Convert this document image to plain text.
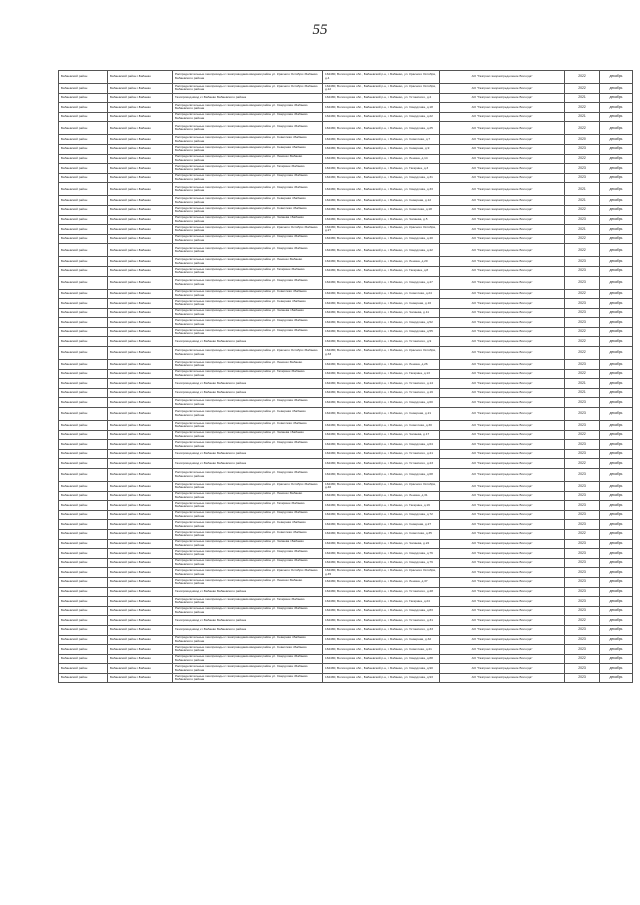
55
Бабаевский район	Бабаевский район г.Бабаево	Распределительные газопроводы с газопроводами-вводами район ул. Красного Октября г.Бабаево Бабаевского района	162480, Вологодская обл., Бабаевский р-н, г. Бабаево, ул. Красного Октября, д.4	АО "Газпром газораспределение Вологда"	2022	декабрь
Бабаевский район	Бабаевский район г.Бабаево	Распределительные газопроводы с газопроводами-вводами район ул. Красного Октября г.Бабаево Бабаевского района	162480, Вологодская обл., Бабаевский р-н, г. Бабаево, ул. Красного Октября, д.12	АО "Газпром газораспределение Вологда"	2022	декабрь
Бабаевский район	Бабаевский район г.Бабаево	Газопровод-ввод к г.Бабаево Бабаевского района	162480, Вологодская обл., Бабаевский р-н, г. Бабаево, ул. Ухтомского, д.2	АО "Газпром газораспределение Вологда"	2021	декабрь
Бабаевский район	Бабаевский район г.Бабаево	Распределительные газопроводы с газопроводами-вводами район ул. Свердлова г.Бабаево Бабаевского района	162480, Вологодская обл., Бабаевский р-н, г. Бабаево, ул. Свердлова, д.18	АО "Газпром газораспределение Вологда"	2022	декабрь
Бабаевский район	Бабаевский район г.Бабаево	Распределительные газопроводы с газопроводами-вводами район ул. Свердлова г.Бабаево Бабаевского района	162480, Вологодская обл., Бабаевский р-н, г. Бабаево, ул. Свердлова, д.22	АО "Газпром газораспределение Вологда"	2021	декабрь
Бабаевский район	Бабаевский район г.Бабаево	Распределительные газопроводы с газопроводами-вводами район ул. Свердлова г.Бабаево Бабаевского района	162480, Вологодская обл., Бабаевский р-н, г. Бабаево, ул. Свердлова, д.25	АО "Газпром газораспределение Вологда"	2022	декабрь
Бабаевский район	Бабаевский район г.Бабаево	Распределительные газопроводы с газопроводами-вводами район ул. Советская г.Бабаево Бабаевского района	162480, Вологодская обл., Бабаевский р-н, г. Бабаево, ул. Советская, д.7	АО "Газпром газораспределение Вологда"	2020	декабрь
Бабаевский район	Бабаевский район г.Бабаево	Распределительные газопроводы с газопроводами-вводами район ул. Северная г.Бабаево Бабаевского района	162480, Вологодская обл., Бабаевский р-н, г. Бабаево, ул. Северная, д.9	АО "Газпром газораспределение Вологда"	2023	декабрь
Бабаевский район	Бабаевский район г.Бабаево	Распределительные газопроводы с газопроводами-вводами район ул. Ленина г.Бабаево Бабаевского района	162480, Вологодская обл., Бабаевский р-н, г. Бабаево, ул. Ленина, д.14	АО "Газпром газораспределение Вологда"	2022	декабрь
Бабаевский район	Бабаевский район г.Бабаево	Распределительные газопроводы с газопроводами-вводами район ул. Гагарина г.Бабаево Бабаевского района	162480, Вологодская обл., Бабаевский р-н, г. Бабаево, ул. Гагарина, д.3	АО "Газпром газораспределение Вологда"	2023	декабрь
Бабаевский район	Бабаевский район г.Бабаево	Распределительные газопроводы с газопроводами-вводами район ул. Свердлова г.Бабаево Бабаевского района	162480, Вологодская обл., Бабаевский р-н, г. Бабаево, ул. Свердлова, д.31	АО "Газпром газораспределение Вологда"	2023	декабрь
Бабаевский район	Бабаевский район г.Бабаево	Распределительные газопроводы с газопроводами-вводами район ул. Свердлова г.Бабаево Бабаевского района	162480, Вологодская обл., Бабаевский р-н, г. Бабаево, ул. Свердлова, д.33	АО "Газпром газораспределение Вологда"	2021	декабрь
Бабаевский район	Бабаевский район г.Бабаево	Распределительные газопроводы с газопроводами-вводами район ул. Северная г.Бабаево Бабаевского района	162480, Вологодская обл., Бабаевский р-н, г. Бабаево, ул. Северная, д.12	АО "Газпром газораспределение Вологда"	2021	декабрь
Бабаевский район	Бабаевский район г.Бабаево	Распределительные газопроводы с газопроводами-вводами район ул. Советская г.Бабаево Бабаевского района	162480, Вологодская обл., Бабаевский р-н, г. Бабаево, ул. Советская, д.18	АО "Газпром газораспределение Вологда"	2022	декабрь
Бабаевский район	Бабаевский район г.Бабаево	Распределительные газопроводы с газопроводами-вводами район ул. Чапаева г.Бабаево Бабаевского района	162480, Вологодская обл., Бабаевский р-н, г. Бабаево, ул. Чапаева, д.5	АО "Газпром газораспределение Вологда"	2023	декабрь
Бабаевский район	Бабаевский район г.Бабаево	Распределительные газопроводы с газопроводами-вводами район ул. Красного Октября г.Бабаево Бабаевского района	162480, Вологодская обл., Бабаевский р-н, г. Бабаево, ул. Красного Октября, д.27	АО "Газпром газораспределение Вологда"	2021	декабрь
Бабаевский район	Бабаевский район г.Бабаево	Распределительные газопроводы с газопроводами-вводами район ул. Свердлова г.Бабаево Бабаевского района	162480, Вологодская обл., Бабаевский р-н, г. Бабаево, ул. Свердлова, д.40	АО "Газпром газораспределение Вологда"	2022	декабрь
Бабаевский район	Бабаевский район г.Бабаево	Распределительные газопроводы с газопроводами-вводами район ул. Свердлова г.Бабаево Бабаевского района	162480, Вологодская обл., Бабаевский р-н, г. Бабаево, ул. Свердлова, д.42	АО "Газпром газораспределение Вологда"	2022	декабрь
Бабаевский район	Бабаевский район г.Бабаево	Распределительные газопроводы с газопроводами-вводами район ул. Ленина г.Бабаево Бабаевского района	162480, Вологодская обл., Бабаевский р-н, г. Бабаево, ул. Ленина, д.20	АО "Газпром газораспределение Вологда"	2023	декабрь
Бабаевский район	Бабаевский район г.Бабаево	Распределительные газопроводы с газопроводами-вводами район ул. Гагарина г.Бабаево Бабаевского района	162480, Вологодская обл., Бабаевский р-н, г. Бабаево, ул. Гагарина, д.8	АО "Газпром газораспределение Вологда"	2023	декабрь
Бабаевский район	Бабаевский район г.Бабаево	Распределительные газопроводы с газопроводами-вводами район ул. Свердлова г.Бабаево Бабаевского района	162480, Вологодская обл., Бабаевский р-н, г. Бабаево, ул. Свердлова, д.47	АО "Газпром газораспределение Вологда"	2023	декабрь
Бабаевский район	Бабаевский район г.Бабаево	Распределительные газопроводы с газопроводами-вводами район ул. Советская г.Бабаево Бабаевского района	162480, Вологодская обл., Бабаевский р-н, г. Бабаево, ул. Советская, д.24	АО "Газпром газораспределение Вологда"	2022	декабрь
Бабаевский район	Бабаевский район г.Бабаево	Распределительные газопроводы с газопроводами-вводами район ул. Северная г.Бабаево Бабаевского района	162480, Вологодская обл., Бабаевский р-н, г. Бабаево, ул. Северная, д.16	АО "Газпром газораспределение Вологда"	2023	декабрь
Бабаевский район	Бабаевский район г.Бабаево	Распределительные газопроводы с газопроводами-вводами район ул. Чапаева г.Бабаево Бабаевского района	162480, Вологодская обл., Бабаевский р-н, г. Бабаево, ул. Чапаева, д.11	АО "Газпром газораспределение Вологда"	2023	декабрь
Бабаевский район	Бабаевский район г.Бабаево	Распределительные газопроводы с газопроводами-вводами район ул. Свердлова г.Бабаево Бабаевского района	162480, Вологодская обл., Бабаевский р-н, г. Бабаево, ул. Свердлова, д.52	АО "Газпром газораспределение Вологда"	2023	декабрь
Бабаевский район	Бабаевский район г.Бабаево	Распределительные газопроводы с газопроводами-вводами район ул. Свердлова г.Бабаево Бабаевского района	162480, Вологодская обл., Бабаевский р-н, г. Бабаево, ул. Свердлова, д.55	АО "Газпром газораспределение Вологда"	2022	декабрь
Бабаевский район	Бабаевский район г.Бабаево	Газопровод-ввод к г.Бабаево Бабаевского района	162480, Вологодская обл., Бабаевский р-н, г. Бабаево, ул. Ухтомского, д.9	АО "Газпром газораспределение Вологда"	2022	декабрь
Бабаевский район	Бабаевский район г.Бабаево	Распределительные газопроводы с газопроводами-вводами район ул. Красного Октября г.Бабаево Бабаевского района	162480, Вологодская обл., Бабаевский р-н, г. Бабаево, ул. Красного Октября, д.33	АО "Газпром газораспределение Вологда"	2022	декабрь
Бабаевский район	Бабаевский район г.Бабаево	Распределительные газопроводы с газопроводами-вводами район ул. Ленина г.Бабаево Бабаевского района	162480, Вологодская обл., Бабаевский р-н, г. Бабаево, ул. Ленина, д.26	АО "Газпром газораспределение Вологда"	2023	декабрь
Бабаевский район	Бабаевский район г.Бабаево	Распределительные газопроводы с газопроводами-вводами район ул. Гагарина г.Бабаево Бабаевского района	162480, Вологодская обл., Бабаевский р-н, г. Бабаево, ул. Гагарина, д.13	АО "Газпром газораспределение Вологда"	2022	декабрь
Бабаевский район	Бабаевский район г.Бабаево	Газопровод-ввод к г.Бабаево Бабаевского района	162480, Вологодская обл., Бабаевский р-н, г. Бабаево, ул. Ухтомского, д.14	АО "Газпром газораспределение Вологда"	2021	декабрь
Бабаевский район	Бабаевский район г.Бабаево	Газопровод-ввод к г.Бабаево Бабаевского района	162480, Вологодская обл., Бабаевский р-н, г. Бабаево, ул. Ухтомского, д.16	АО "Газпром газораспределение Вологда"	2021	декабрь
Бабаевский район	Бабаевский район г.Бабаево	Распределительные газопроводы с газопроводами-вводами район ул. Свердлова г.Бабаево Бабаевского района	162480, Вологодская обл., Бабаевский р-н, г. Бабаево, ул. Свердлова, д.60	АО "Газпром газораспределение Вологда"	2023	декабрь
Бабаевский район	Бабаевский район г.Бабаево	Распределительные газопроводы с газопроводами-вводами район ул. Северная г.Бабаево Бабаевского района	162480, Вологодская обл., Бабаевский р-н, г. Бабаево, ул. Северная, д.21	АО "Газпром газораспределение Вологда"	2023	декабрь
Бабаевский район	Бабаевский район г.Бабаево	Распределительные газопроводы с газопроводами-вводами район ул. Советская г.Бабаево Бабаевского района	162480, Вологодская обл., Бабаевский р-н, г. Бабаево, ул. Советская, д.30	АО "Газпром газораспределение Вологда"	2023	декабрь
Бабаевский район	Бабаевский район г.Бабаево	Распределительные газопроводы с газопроводами-вводами район ул. Чапаева г.Бабаево Бабаевского района	162480, Вологодская обл., Бабаевский р-н, г. Бабаево, ул. Чапаева, д.17	АО "Газпром газораспределение Вологда"	2022	декабрь
Бабаевский район	Бабаевский район г.Бабаево	Распределительные газопроводы с газопроводами-вводами район ул. Свердлова г.Бабаево Бабаевского района	162480, Вологодская обл., Бабаевский р-н, г. Бабаево, ул. Свердлова, д.64	АО "Газпром газораспределение Вологда"	2023	декабрь
Бабаевский район	Бабаевский район г.Бабаево	Газопровод-ввод к г.Бабаево Бабаевского района	162480, Вологодская обл., Бабаевский р-н, г. Бабаево, ул. Ухтомского, д.21	АО "Газпром газораспределение Вологда"	2023	декабрь
Бабаевский район	Бабаевский район г.Бабаево	Газопровод-ввод к г.Бабаево Бабаевского района	162480, Вологодская обл., Бабаевский р-н, г. Бабаево, ул. Ухтомского, д.23	АО "Газпром газораспределение Вологда"	2022	декабрь
Бабаевский район	Бабаевский район г.Бабаево	Распределительные газопроводы с газопроводами-вводами район ул. Свердлова г.Бабаево Бабаевского района	162480, Вологодская обл., Бабаевский р-н, г. Бабаево, ул. Свердлова, д.68	АО "Газпром газораспределение Вологда"	2023	декабрь
Бабаевский район	Бабаевский район г.Бабаево	Распределительные газопроводы с газопроводами-вводами район ул. Красного Октября г.Бабаево Бабаевского района	162480, Вологодская обл., Бабаевский р-н, г. Бабаево, ул. Красного Октября, д.40	АО "Газпром газораспределение Вологда"	2023	декабрь
Бабаевский район	Бабаевский район г.Бабаево	Распределительные газопроводы с газопроводами-вводами район ул. Ленина г.Бабаево Бабаевского района	162480, Вологодская обл., Бабаевский р-н, г. Бабаево, ул. Ленина, д.31	АО "Газпром газораспределение Вологда"	2023	декабрь
Бабаевский район	Бабаевский район г.Бабаево	Распределительные газопроводы с газопроводами-вводами район ул. Гагарина г.Бабаево Бабаевского района	162480, Вологодская обл., Бабаевский р-н, г. Бабаево, ул. Гагарина, д.19	АО "Газпром газораспределение Вологда"	2023	декабрь
Бабаевский район	Бабаевский район г.Бабаево	Распределительные газопроводы с газопроводами-вводами район ул. Свердлова г.Бабаево Бабаевского района	162480, Вологодская обл., Бабаевский р-н, г. Бабаево, ул. Свердлова, д.72	АО "Газпром газораспределение Вологда"	2023	декабрь
Бабаевский район	Бабаевский район г.Бабаево	Распределительные газопроводы с газопроводами-вводами район ул. Северная г.Бабаево Бабаевского района	162480, Вологодская обл., Бабаевский р-н, г. Бабаево, ул. Северная, д.27	АО "Газпром газораспределение Вологда"	2023	декабрь
Бабаевский район	Бабаевский район г.Бабаево	Распределительные газопроводы с газопроводами-вводами район ул. Советская г.Бабаево Бабаевского района	162480, Вологодская обл., Бабаевский р-н, г. Бабаево, ул. Советская, д.35	АО "Газпром газораспределение Вологда"	2022	декабрь
Бабаевский район	Бабаевский район г.Бабаево	Распределительные газопроводы с газопроводами-вводами район ул. Чапаева г.Бабаево Бабаевского района	162480, Вологодская обл., Бабаевский р-н, г. Бабаево, ул. Чапаева, д.22	АО "Газпром газораспределение Вологда"	2023	декабрь
Бабаевский район	Бабаевский район г.Бабаево	Распределительные газопроводы с газопроводами-вводами район ул. Свердлова г.Бабаево Бабаевского района	162480, Вологодская обл., Бабаевский р-н, г. Бабаево, ул. Свердлова, д.76	АО "Газпром газораспределение Вологда"	2023	декабрь
Бабаевский район	Бабаевский район г.Бабаево	Распределительные газопроводы с газопроводами-вводами район ул. Свердлова г.Бабаево Бабаевского района	162480, Вологодская обл., Бабаевский р-н, г. Бабаево, ул. Свердлова, д.79	АО "Газпром газораспределение Вологда"	2023	декабрь
Бабаевский район	Бабаевский район г.Бабаево	Распределительные газопроводы с газопроводами-вводами район ул. Красного Октября г.Бабаево Бабаевского района	162480, Вологодская обл., Бабаевский р-н, г. Бабаево, ул. Красного Октября, д.45	АО "Газпром газораспределение Вологда"	2023	декабрь
Бабаевский район	Бабаевский район г.Бабаево	Распределительные газопроводы с газопроводами-вводами район ул. Ленина г.Бабаево Бабаевского района	162480, Вологодская обл., Бабаевский р-н, г. Бабаево, ул. Ленина, д.37	АО "Газпром газораспределение Вологда"	2023	декабрь
Бабаевский район	Бабаевский район г.Бабаево	Газопровод-ввод к г.Бабаево Бабаевского района	162480, Вологодская обл., Бабаевский р-н, г. Бабаево, ул. Ухтомского, д.28	АО "Газпром газораспределение Вологда"	2023	декабрь
Бабаевский район	Бабаевский район г.Бабаево	Распределительные газопроводы с газопроводами-вводами район ул. Гагарина г.Бабаево Бабаевского района	162480, Вологодская обл., Бабаевский р-н, г. Бабаево, ул. Гагарина, д.24	АО "Газпром газораспределение Вологда"	2023	декабрь
Бабаевский район	Бабаевский район г.Бабаево	Распределительные газопроводы с газопроводами-вводами район ул. Свердлова г.Бабаево Бабаевского района	162480, Вологодская обл., Бабаевский р-н, г. Бабаево, ул. Свердлова, д.83	АО "Газпром газораспределение Вологда"	2023	декабрь
Бабаевский район	Бабаевский район г.Бабаево	Газопровод-ввод к г.Бабаево Бабаевского района	162480, Вологодская обл., Бабаевский р-н, г. Бабаево, ул. Ухтомского, д.31	АО "Газпром газораспределение Вологда"	2022	декабрь
Бабаевский район	Бабаевский район г.Бабаево	Газопровод-ввод к г.Бабаево Бабаевского района	162480, Вологодская обл., Бабаевский р-н, г. Бабаево, ул. Ухтомского, д.33	АО "Газпром газораспределение Вологда"	2023	декабрь
Бабаевский район	Бабаевский район г.Бабаево	Распределительные газопроводы с газопроводами-вводами район ул. Северная г.Бабаево Бабаевского района	162480, Вологодская обл., Бабаевский р-н, г. Бабаево, ул. Северная, д.32	АО "Газпром газораспределение Вологда"	2023	декабрь
Бабаевский район	Бабаевский район г.Бабаево	Распределительные газопроводы с газопроводами-вводами район ул. Советская г.Бабаево Бабаевского района	162480, Вологодская обл., Бабаевский р-н, г. Бабаево, ул. Советская, д.41	АО "Газпром газораспределение Вологда"	2023	декабрь
Бабаевский район	Бабаевский район г.Бабаево	Распределительные газопроводы с газопроводами-вводами район ул. Свердлова г.Бабаево Бабаевского района	162480, Вологодская обл., Бабаевский р-н, г. Бабаево, ул. Свердлова, д.88	АО "Газпром газораспределение Вологда"	2022	декабрь
Бабаевский район	Бабаевский район г.Бабаево	Распределительные газопроводы с газопроводами-вводами район ул. Свердлова г.Бабаево Бабаевского района	162480, Вологодская обл., Бабаевский р-н, г. Бабаево, ул. Свердлова, д.90	АО "Газпром газораспределение Вологда"	2023	декабрь
Бабаевский район	Бабаевский район г.Бабаево	Распределительные газопроводы с газопроводами-вводами район ул. Свердлова г.Бабаево Бабаевского района	162480, Вологодская обл., Бабаевский р-н, г. Бабаево, ул. Свердлова, д.93	АО "Газпром газораспределение Вологда"	2023	декабрь
